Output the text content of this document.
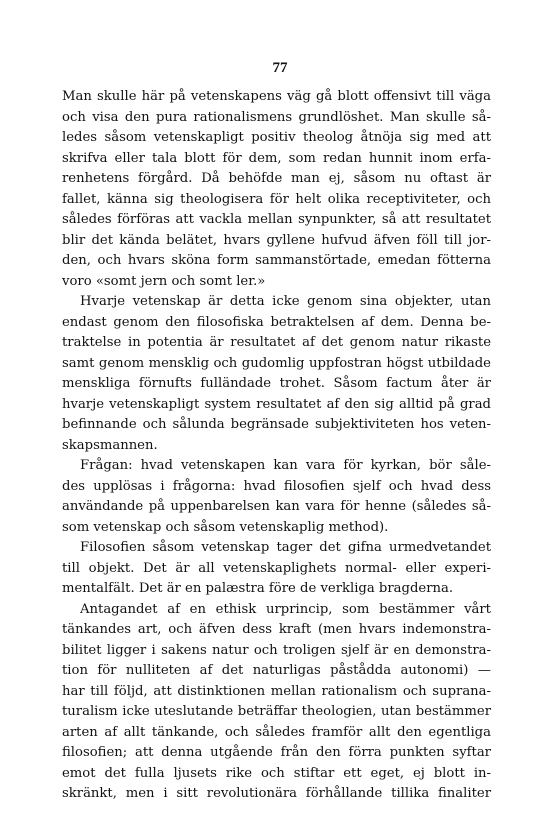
77
Man skulle här på vetenskapens väg gå blott offensivt till väga
och visa den pura rationalismens grundlöshet. Man skulle så-
ledes såsom vetenskapligt positiv theolog åtnöja sig med att
skrifva eller tala blott för dem, som redan hunnit inom erfa-
renhetens förgård. Då behöfde man ej, såsom nu oftast är
fallet, känna sig theologisera för helt olika receptiviteter, och
således förföras att vackla mellan synpunkter, så att resultatet
blir det kända belätet, hvars gyllene hufvud äfven föll till jor-
den, och hvars sköna form sammanstörtade, emedan fötterna
voro «somt jern och somt ler.»
Hvarje vetenskap är detta icke genom sina objekter, utan
endast genom den filosofiska betraktelsen af dem. Denna be-
traktelse in potentia är resultatet af det genom natur rikaste
samt genom mensklig och gudomlig uppfostran högst utbildade
menskliga förnufts fulländade trohet. Såsom factum åter är
hvarje vetenskapligt system resultatet af den sig alltid på grad
befinnande och sålunda begränsade subjektiviteten hos veten-
skapsmannen.
Frågan: hvad vetenskapen kan vara för kyrkan, bör såle-
des upplösas i frågorna: hvad filosofien sjelf och hvad dess
användande på uppenbarelsen kan vara för henne (således så-
som vetenskap och såsom vetenskaplig method).
Filosofien såsom vetenskap tager det gifna urmedvetandet
till objekt. Det är all vetenskaplighets normal- eller experi-
mentalfält. Det är en palæstra före de verkliga bragderna.
Antagandet af en ethisk urprincip, som bestämmer vårt
tänkandes art, och äfven dess kraft (men hvars indemonstra-
bilitet ligger i sakens natur och troligen sjelf är en demonstra-
tion för nulliteten af det naturligas påstådda autonomi) —
har till följd, att distinktionen mellan rationalism och suprana-
turalism icke uteslutande beträffar theologien, utan bestämmer
arten af allt tänkande, och således framför allt den egentliga
filosofien; att denna utgående från den förra punkten syftar
emot det fulla ljusets rike och stiftar ett eget, ej blott in-
skränkt, men i sitt revolutionära förhållande tillika finaliter
